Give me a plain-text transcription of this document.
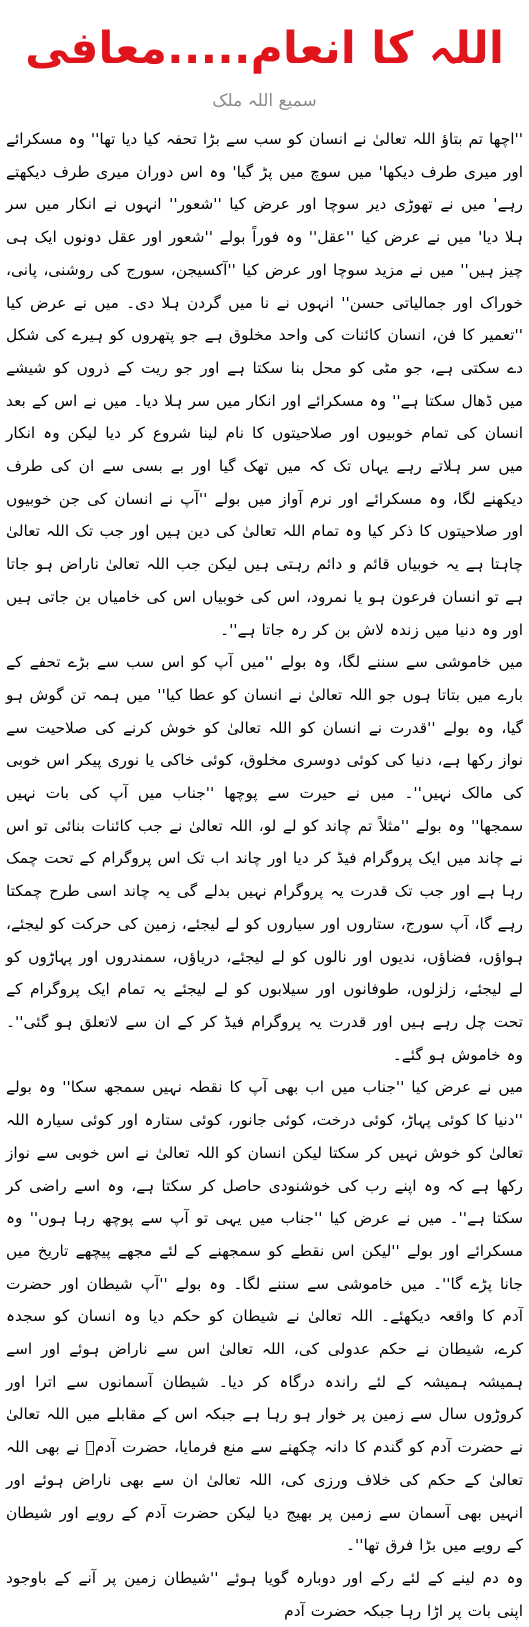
اللہ کا انعام.....معافی
سمیع اللہ ملک

''اچھا تم بتاؤ اللہ تعالیٰ نے انسان کو سب سے بڑا تحفہ کیا دیا تھا'' وہ مسکرائے اور میری طرف دیکھا' میں سوچ میں پڑ گیا' وہ اس دوران میری طرف دیکھتے رہے' میں نے تھوڑی دیر سوچا اور عرض کیا ''شعور'' انہوں نے انکار میں سر ہلا دیا' میں نے عرض کیا ''عقل'' وہ فوراً بولے ''شعور اور عقل دونوں ایک ہی چیز ہیں'' میں نے مزید سوچا اور عرض کیا ''آکسیجن، سورج کی روشنی، پانی، خوراک اور جمالیاتی حسن'' انہوں نے نا میں گردن ہلا دی۔ میں نے عرض کیا ''تعمیر کا فن، انسان کائنات کی واحد مخلوق ہے جو پتھروں کو ہیرے کی شکل دے سکتی ہے، جو مٹی کو محل بنا سکتا ہے اور جو ریت کے ذروں کو شیشے میں ڈھال سکتا ہے'' وہ مسکرائے اور انکار میں سر ہلا دیا۔ میں نے اس کے بعد انسان کی تمام خوبیوں اور صلاحیتوں کا نام لینا شروع کر دیا لیکن وہ انکار میں سر ہلاتے رہے یہاں تک کہ میں تھک گیا اور بے بسی سے ان کی طرف دیکھنے لگا، وہ مسکرائے اور نرم آواز میں بولے ''آپ نے انسان کی جن خوبیوں اور صلاحیتوں کا ذکر کیا وہ تمام اللہ تعالیٰ کی دین ہیں اور جب تک اللہ تعالیٰ چاہتا ہے یہ خوبیاں قائم و دائم رہتی ہیں لیکن جب اللہ تعالیٰ ناراض ہو جاتا ہے تو انسان فرعون ہو یا نمرود، اس کی خوبیاں اس کی خامیاں بن جاتی ہیں اور وہ دنیا میں زندہ لاش بن کر رہ جاتا ہے''۔

میں خاموشی سے سننے لگا، وہ بولے ''میں آپ کو اس سب سے بڑے تحفے کے بارے میں بتاتا ہوں جو اللہ تعالیٰ نے انسان کو عطا کیا'' میں ہمہ تن گوش ہو گیا، وہ بولے ''قدرت نے انسان کو اللہ تعالیٰ کو خوش کرنے کی صلاحیت سے نواز رکھا ہے، دنیا کی کوئی دوسری مخلوق، کوئی خاکی یا نوری پیکر اس خوبی کی مالک نہیں''۔ میں نے حیرت سے پوچھا ''جناب میں آپ کی بات نہیں سمجھا'' وہ بولے ''مثلاً تم چاند کو لے لو، اللہ تعالیٰ نے جب کائنات بنائی تو اس نے چاند میں ایک پروگرام فیڈ کر دیا اور چاند اب تک اس پروگرام کے تحت چمک رہا ہے اور جب تک قدرت یہ پروگرام نہیں بدلے گی یہ چاند اسی طرح چمکتا رہے گا، آپ سورج، ستاروں اور سیاروں کو لے لیجئے، زمین کی حرکت کو لیجئے، ہواؤں، فضاؤں، ندیوں اور نالوں کو لے لیجئے، دریاؤں، سمندروں اور پہاڑوں کو لے لیجئے، زلزلوں، طوفانوں اور سیلابوں کو لے لیجئے یہ تمام ایک پروگرام کے تحت چل رہے ہیں اور قدرت یہ پروگرام فیڈ کر کے ان سے لاتعلق ہو گئی''۔ وہ خاموش ہو گئے۔

میں نے عرض کیا ''جناب میں اب بھی آپ کا نقطہ نہیں سمجھ سکا'' وہ بولے ''دنیا کا کوئی پہاڑ، کوئی درخت، کوئی جانور، کوئی ستارہ اور کوئی سیارہ اللہ تعالیٰ کو خوش نہیں کر سکتا لیکن انسان کو اللہ تعالیٰ نے اس خوبی سے نواز رکھا ہے کہ وہ اپنے رب کی خوشنودی حاصل کر سکتا ہے، وہ اسے راضی کر سکتا ہے''۔ میں نے عرض کیا ''جناب میں یہی تو آپ سے پوچھ رہا ہوں'' وہ مسکرائے اور بولے ''لیکن اس نقطے کو سمجھنے کے لئے مجھے پیچھے تاریخ میں جانا پڑے گا''۔ میں خاموشی سے سننے لگا۔ وہ بولے ''آپ شیطان اور حضرت آدم کا واقعہ دیکھئے۔ اللہ تعالیٰ نے شیطان کو حکم دیا وہ انسان کو سجدہ کرے، شیطان نے حکم عدولی کی، اللہ تعالیٰ اس سے ناراض ہوئے اور اسے ہمیشہ ہمیشہ کے لئے راندہ درگاہ کر دیا۔ شیطان آسمانوں سے اترا اور کروڑوں سال سے زمین پر خوار ہو رہا ہے جبکہ اس کے مقابلے میں اللہ تعالیٰ نے حضرت آدم کو گندم کا دانہ چکھنے سے منع فرمایا، حضرت آدمؑ نے بھی اللہ تعالیٰ کے حکم کی خلاف ورزی کی، اللہ تعالیٰ ان سے بھی ناراض ہوئے اور انہیں بھی آسمان سے زمین پر بھیج دیا لیکن حضرت آدم کے رویے اور شیطان کے رویے میں بڑا فرق تھا''۔

وہ دم لینے کے لئے رکے اور دوبارہ گویا ہوئے ''شیطان زمین پر آنے کے باوجود اپنی بات پر اڑا رہا جبکہ حضرت آدم
